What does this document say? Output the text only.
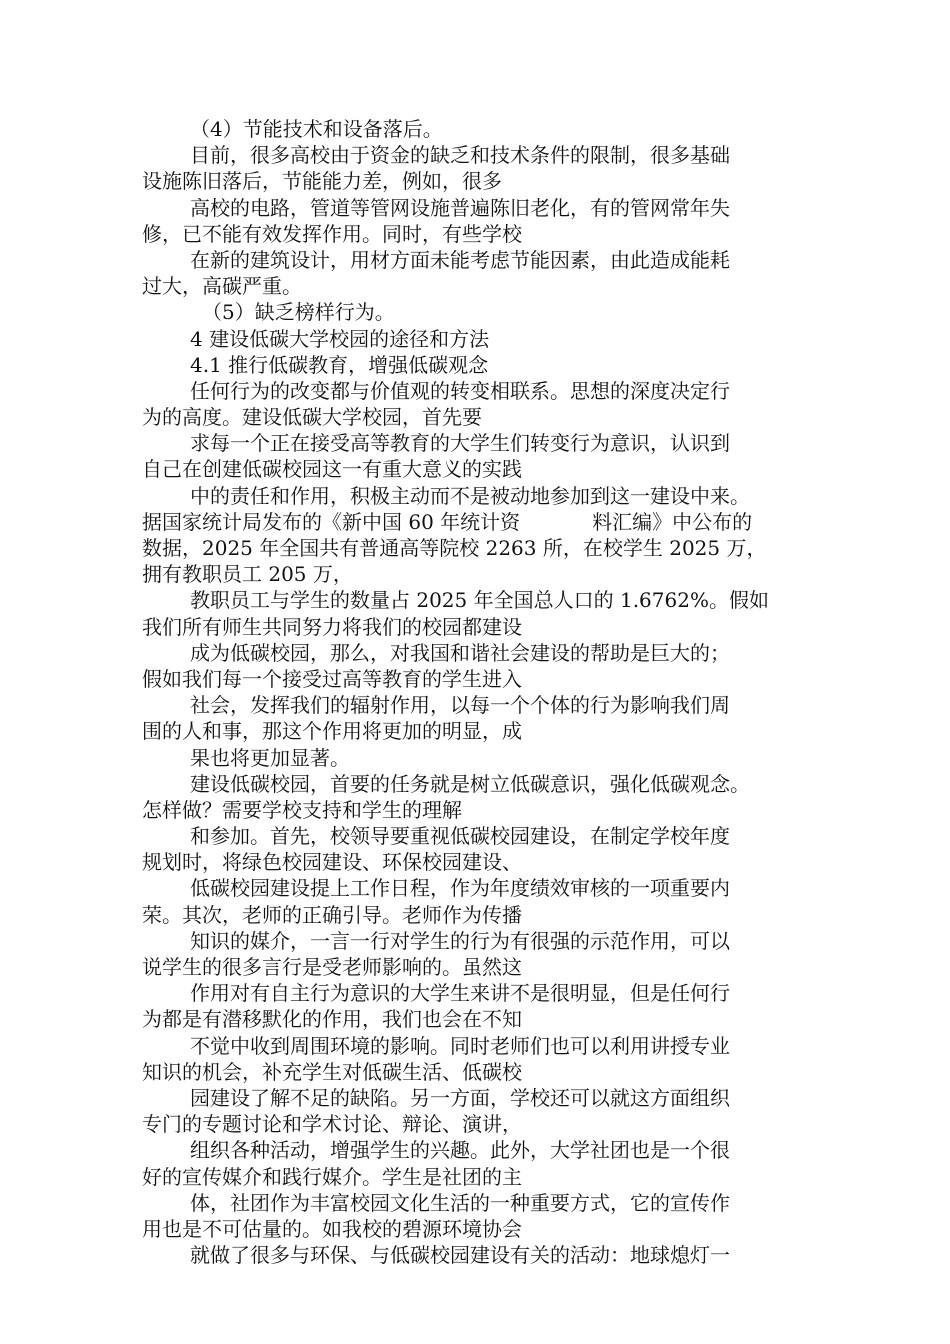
（4）节能技术和设备落后。
目前，很多高校由于资金的缺乏和技术条件的限制，很多基础
设施陈旧落后，节能能力差，例如，很多
高校的电路，管道等管网设施普遍陈旧老化，有的管网常年失
修，已不能有效发挥作用。同时，有些学校
在新的建筑设计，用材方面未能考虑节能因素，由此造成能耗
过大，高碳严重。
（5）缺乏榜样行为。
4 建设低碳大学校园的途径和方法
4.1 推行低碳教育，增强低碳观念
任何行为的改变都与价值观的转变相联系。思想的深度决定行
为的高度。建设低碳大学校园，首先要
求每一个正在接受高等教育的大学生们转变行为意识，认识到
自己在创建低碳校园这一有重大意义的实践
中的责任和作用，积极主动而不是被动地参加到这一建设中来。
据国家统计局发布的《新中国 60 年统计资	料汇编》中公布的
数据，2025 年全国共有普通高等院校 2263 所，在校学生 2025 万，
拥有教职员工 205 万，
教职员工与学生的数量占 2025 年全国总人口的 1.6762%。假如
我们所有师生共同努力将我们的校园都建设
成为低碳校园，那么，对我国和谐社会建设的帮助是巨大的；
假如我们每一个接受过高等教育的学生进入
社会，发挥我们的辐射作用，以每一个个体的行为影响我们周
围的人和事，那这个作用将更加的明显，成
果也将更加显著。
建设低碳校园，首要的任务就是树立低碳意识，强化低碳观念。
怎样做？需要学校支持和学生的理解
和参加。首先，校领导要重视低碳校园建设，在制定学校年度
规划时，将绿色校园建设、环保校园建设、
低碳校园建设提上工作日程，作为年度绩效审核的一项重要内
荣。其次，老师的正确引导。老师作为传播
知识的媒介，一言一行对学生的行为有很强的示范作用，可以
说学生的很多言行是受老师影响的。虽然这
作用对有自主行为意识的大学生来讲不是很明显，但是任何行
为都是有潜移默化的作用，我们也会在不知
不觉中收到周围环境的影响。同时老师们也可以利用讲授专业
知识的机会，补充学生对低碳生活、低碳校
园建设了解不足的缺陷。另一方面，学校还可以就这方面组织
专门的专题讨论和学术讨论、辩论、演讲，
组织各种活动，增强学生的兴趣。此外，大学社团也是一个很
好的宣传媒介和践行媒介。学生是社团的主
体，社团作为丰富校园文化生活的一种重要方式，它的宣传作
用也是不可估量的。如我校的碧源环境协会
就做了很多与环保、与低碳校园建设有关的活动：地球熄灯一
